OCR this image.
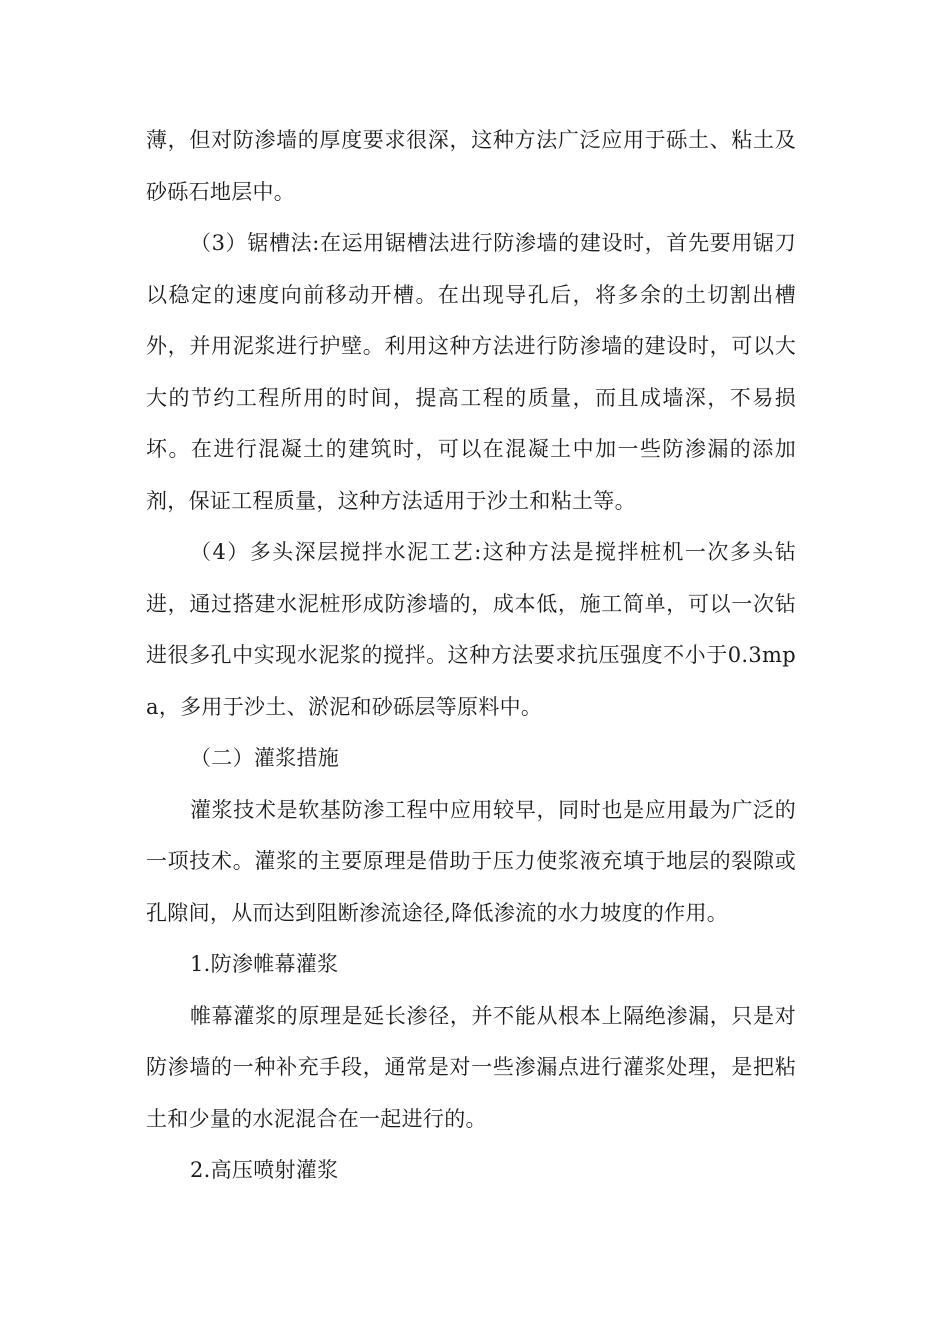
薄，但对防渗墙的厚度要求很深，这种方法广泛应用于砾土、粘土及砂砾石地层中。

（3）锯槽法:在运用锯槽法进行防渗墙的建设时，首先要用锯刀以稳定的速度向前移动开槽。在出现导孔后，将多余的土切割出槽外，并用泥浆进行护壁。利用这种方法进行防渗墙的建设时，可以大大的节约工程所用的时间，提高工程的质量，而且成墙深，不易损坏。在进行混凝土的建筑时，可以在混凝土中加一些防渗漏的添加剂，保证工程质量，这种方法适用于沙土和粘土等。

（4）多头深层搅拌水泥工艺:这种方法是搅拌桩机一次多头钻进，通过搭建水泥桩形成防渗墙的，成本低，施工简单，可以一次钻进很多孔中实现水泥浆的搅拌。这种方法要求抗压强度不小于0.3mpa，多用于沙土、淤泥和砂砾层等原料中。

（二）灌浆措施

灌浆技术是软基防渗工程中应用较早，同时也是应用最为广泛的一项技术。灌浆的主要原理是借助于压力使浆液充填于地层的裂隙或孔隙间，从而达到阻断渗流途径,降低渗流的水力坡度的作用。

1.防渗帷幕灌浆

帷幕灌浆的原理是延长渗径，并不能从根本上隔绝渗漏，只是对防渗墙的一种补充手段，通常是对一些渗漏点进行灌浆处理，是把粘土和少量的水泥混合在一起进行的。

2.高压喷射灌浆
